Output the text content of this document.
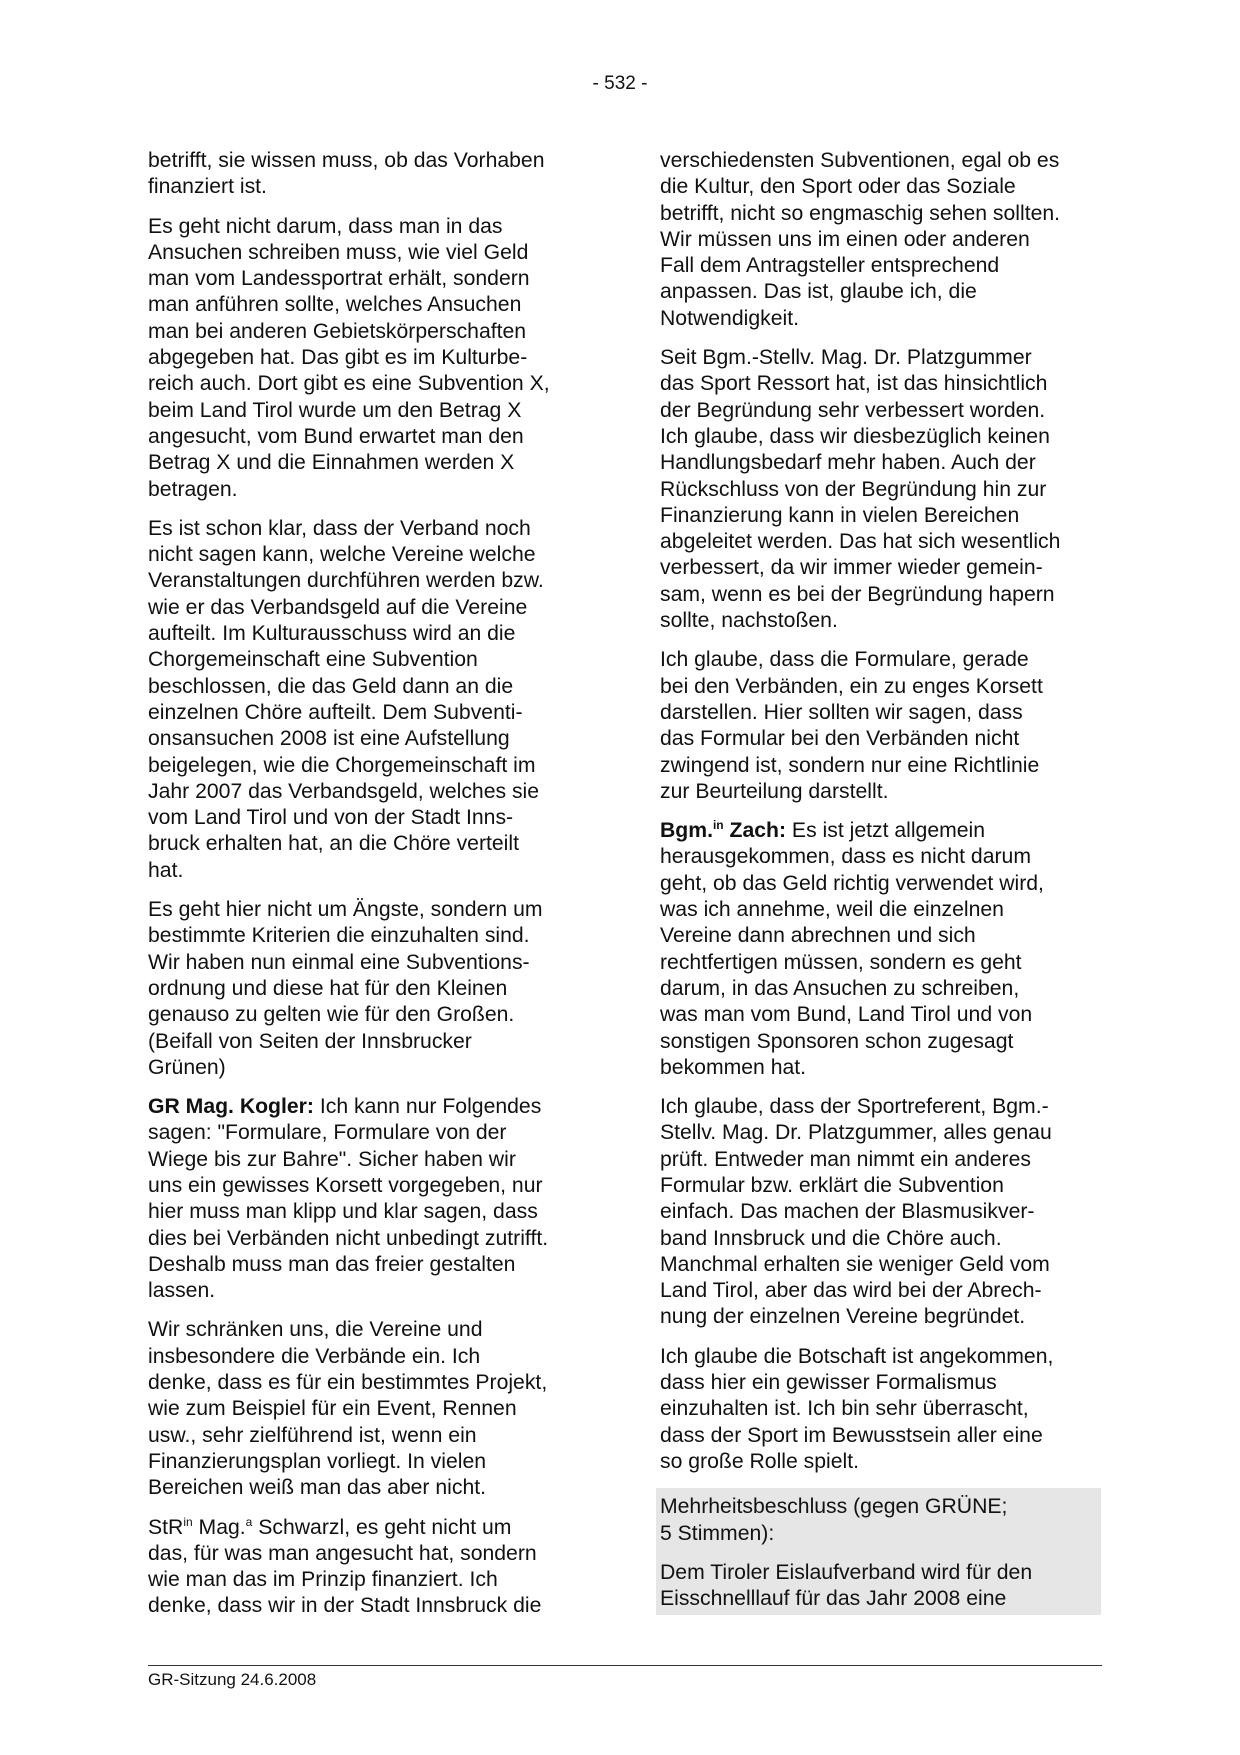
- 532 -

betrifft, sie wissen muss, ob das Vorhaben
finanziert ist.

Es geht nicht darum, dass man in das
Ansuchen schreiben muss, wie viel Geld
man vom Landessportrat erhält, sondern
man anführen sollte, welches Ansuchen
man bei anderen Gebietskörperschaften
abgegeben hat. Das gibt es im Kulturbe-
reich auch. Dort gibt es eine Subvention X,
beim Land Tirol wurde um den Betrag X
angesucht, vom Bund erwartet man den
Betrag X und die Einnahmen werden X
betragen.

Es ist schon klar, dass der Verband noch
nicht sagen kann, welche Vereine welche
Veranstaltungen durchführen werden bzw.
wie er das Verbandsgeld auf die Vereine
aufteilt. Im Kulturausschuss wird an die
Chorgemeinschaft eine Subvention
beschlossen, die das Geld dann an die
einzelnen Chöre aufteilt. Dem Subventi-
onsansuchen 2008 ist eine Aufstellung
beigelegen, wie die Chorgemeinschaft im
Jahr 2007 das Verbandsgeld, welches sie
vom Land Tirol und von der Stadt Inns-
bruck erhalten hat, an die Chöre verteilt
hat.

Es geht hier nicht um Ängste, sondern um
bestimmte Kriterien die einzuhalten sind.
Wir haben nun einmal eine Subventions-
ordnung und diese hat für den Kleinen
genauso zu gelten wie für den Großen.
(Beifall von Seiten der Innsbrucker
Grünen)

GR Mag. Kogler: Ich kann nur Folgendes
sagen: "Formulare, Formulare von der
Wiege bis zur Bahre". Sicher haben wir
uns ein gewisses Korsett vorgegeben, nur
hier muss man klipp und klar sagen, dass
dies bei Verbänden nicht unbedingt zutrifft.
Deshalb muss man das freier gestalten
lassen.

Wir schränken uns, die Vereine und
insbesondere die Verbände ein. Ich
denke, dass es für ein bestimmtes Projekt,
wie zum Beispiel für ein Event, Rennen
usw., sehr zielführend ist, wenn ein
Finanzierungsplan vorliegt. In vielen
Bereichen weiß man das aber nicht.

StR$^{in}$ Mag.$^a$ Schwarzl, es geht nicht um
das, für was man angesucht hat, sondern
wie man das im Prinzip finanziert. Ich
denke, dass wir in der Stadt Innsbruck die

verschiedensten Subventionen, egal ob es
die Kultur, den Sport oder das Soziale
betrifft, nicht so engmaschig sehen sollten.
Wir müssen uns im einen oder anderen
Fall dem Antragsteller entsprechend
anpassen. Das ist, glaube ich, die
Notwendigkeit.

Seit Bgm.-Stellv. Mag. Dr. Platzgummer
das Sport Ressort hat, ist das hinsichtlich
der Begründung sehr verbessert worden.
Ich glaube, dass wir diesbezüglich keinen
Handlungsbedarf mehr haben. Auch der
Rückschluss von der Begründung hin zur
Finanzierung kann in vielen Bereichen
abgeleitet werden. Das hat sich wesentlich
verbessert, da wir immer wieder gemein-
sam, wenn es bei der Begründung hapern
sollte, nachstoßen.

Ich glaube, dass die Formulare, gerade
bei den Verbänden, ein zu enges Korsett
darstellen. Hier sollten wir sagen, dass
das Formular bei den Verbänden nicht
zwingend ist, sondern nur eine Richtlinie
zur Beurteilung darstellt.

Bgm.$^{in}$ Zach: Es ist jetzt allgemein
herausgekommen, dass es nicht darum
geht, ob das Geld richtig verwendet wird,
was ich annehme, weil die einzelnen
Vereine dann abrechnen und sich
rechtfertigen müssen, sondern es geht
darum, in das Ansuchen zu schreiben,
was man vom Bund, Land Tirol und von
sonstigen Sponsoren schon zugesagt
bekommen hat.

Ich glaube, dass der Sportreferent, Bgm.-
Stellv. Mag. Dr. Platzgummer, alles genau
prüft. Entweder man nimmt ein anderes
Formular bzw. erklärt die Subvention
einfach. Das machen der Blasmusikver-
band Innsbruck und die Chöre auch.
Manchmal erhalten sie weniger Geld vom
Land Tirol, aber das wird bei der Abrech-
nung der einzelnen Vereine begründet.

Ich glaube die Botschaft ist angekommen,
dass hier ein gewisser Formalismus
einzuhalten ist. Ich bin sehr überrascht,
dass der Sport im Bewusstsein aller eine
so große Rolle spielt.

Mehrheitsbeschluss (gegen GRÜNE;
5 Stimmen):

Dem Tiroler Eislaufverband wird für den
Eisschnelllauf für das Jahr 2008 eine

GR-Sitzung 24.6.2008
